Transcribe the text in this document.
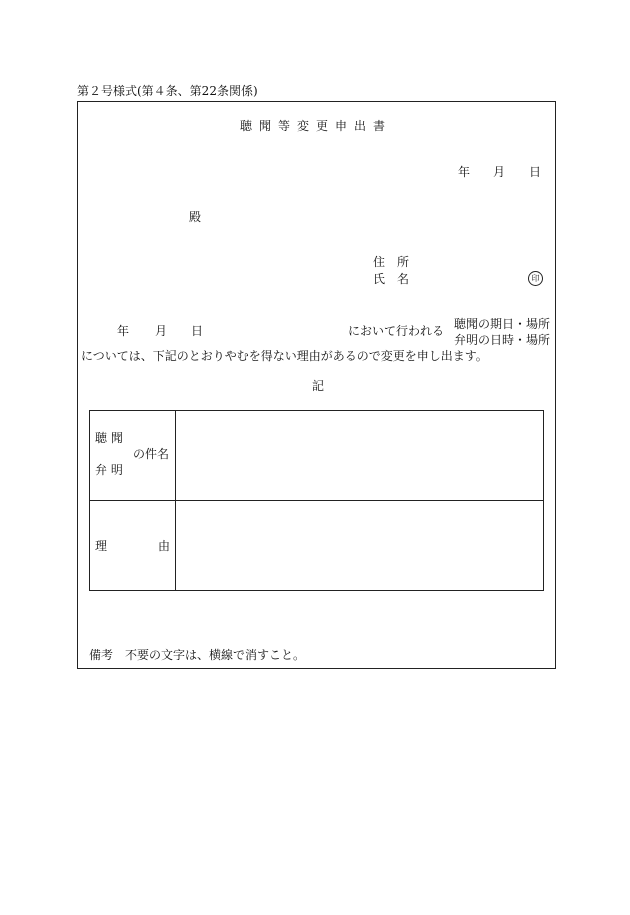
第２号様式(第４条、第22条関係)
聴聞等変更申出書
年 月 日
殿
住　所
氏　名	印
年 月 日	において行われる 聴聞の期日・場所
弁明の日時・場所
については、下記のとおりやむを得ない理由があるので変更を申し出ます。
記
聴 聞
の件名
弁 明
理	由
備考　不要の文字は、横線で消すこと。
